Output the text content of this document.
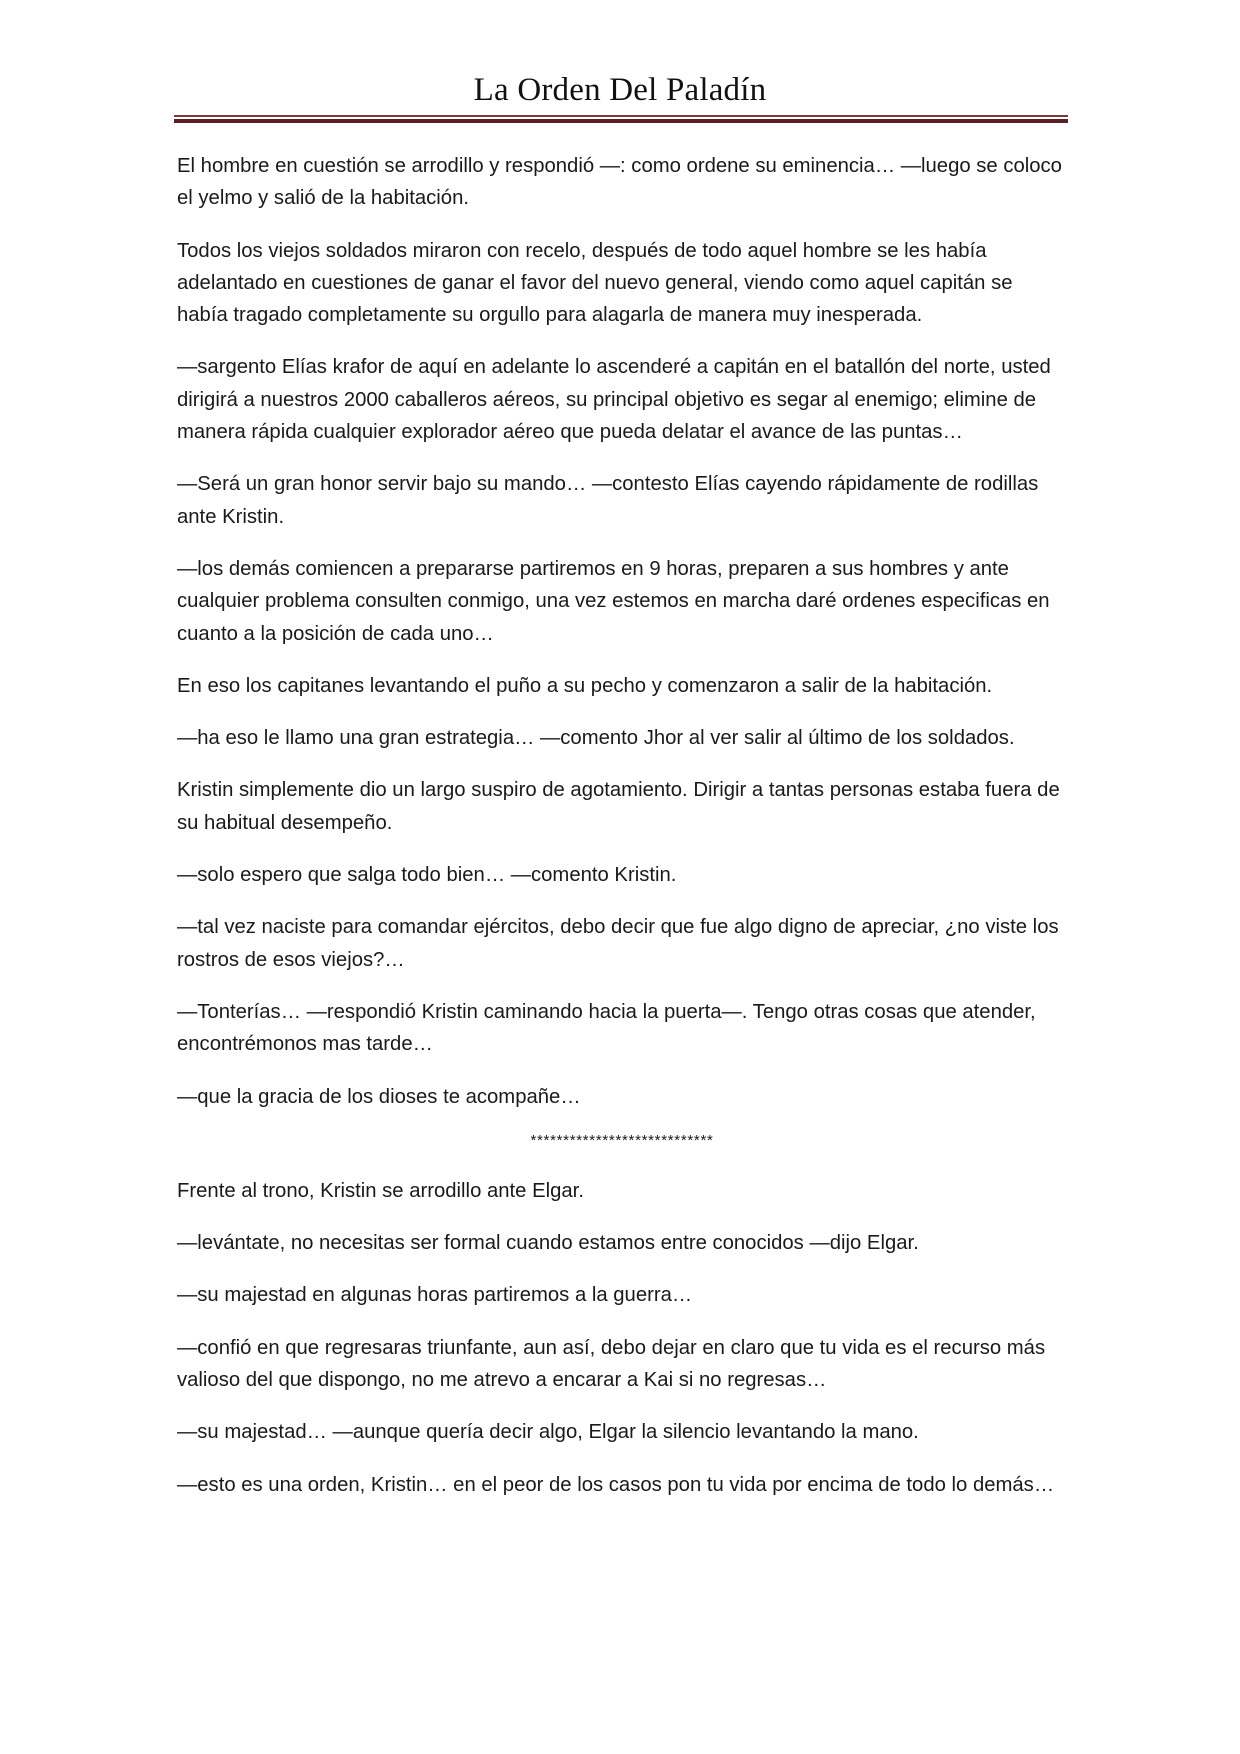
La Orden Del Paladín

El hombre en cuestión se arrodillo y respondió —: como ordene su eminencia… —luego se coloco el yelmo y salió de la habitación.

Todos los viejos soldados miraron con recelo, después de todo aquel hombre se les había adelantado en cuestiones de ganar el favor del nuevo general, viendo como aquel capitán se había tragado completamente su orgullo para alagarla de manera muy inesperada.

—sargento Elías krafor de aquí en adelante lo ascenderé a capitán en el batallón del norte, usted dirigirá a nuestros 2000 caballeros aéreos, su principal objetivo es segar al enemigo; elimine de manera rápida cualquier explorador aéreo que pueda delatar el avance de las puntas…

—Será un gran honor servir bajo su mando… —contesto Elías cayendo rápidamente de rodillas ante Kristin.

—los demás comiencen a prepararse partiremos en 9 horas, preparen a sus hombres y ante cualquier problema consulten conmigo, una vez estemos en marcha daré ordenes especificas en cuanto a la posición de cada uno…

En eso los capitanes levantando el puño a su pecho y comenzaron a salir de la habitación.

—ha eso le llamo una gran estrategia… —comento Jhor al ver salir al último de los soldados.

Kristin simplemente dio un largo suspiro de agotamiento. Dirigir a tantas personas estaba fuera de su habitual desempeño.

—solo espero que salga todo bien… —comento Kristin.

—tal vez naciste para comandar ejércitos, debo decir que fue algo digno de apreciar, ¿no viste los rostros de esos viejos?…

—Tonterías… —respondió Kristin caminando hacia la puerta—. Tengo otras cosas que atender, encontrémonos mas tarde…

—que la gracia de los dioses te acompañe…

****************************

Frente al trono, Kristin se arrodillo ante Elgar.

—levántate, no necesitas ser formal cuando estamos entre conocidos —dijo Elgar.

—su majestad en algunas horas partiremos a la guerra…

—confió en que regresaras triunfante, aun así, debo dejar en claro que tu vida es el recurso más valioso del que dispongo, no me atrevo a encarar a Kai si no regresas…

—su majestad… —aunque quería decir algo, Elgar la silencio levantando la mano.

—esto es una orden, Kristin… en el peor de los casos pon tu vida por encima de todo lo demás…
